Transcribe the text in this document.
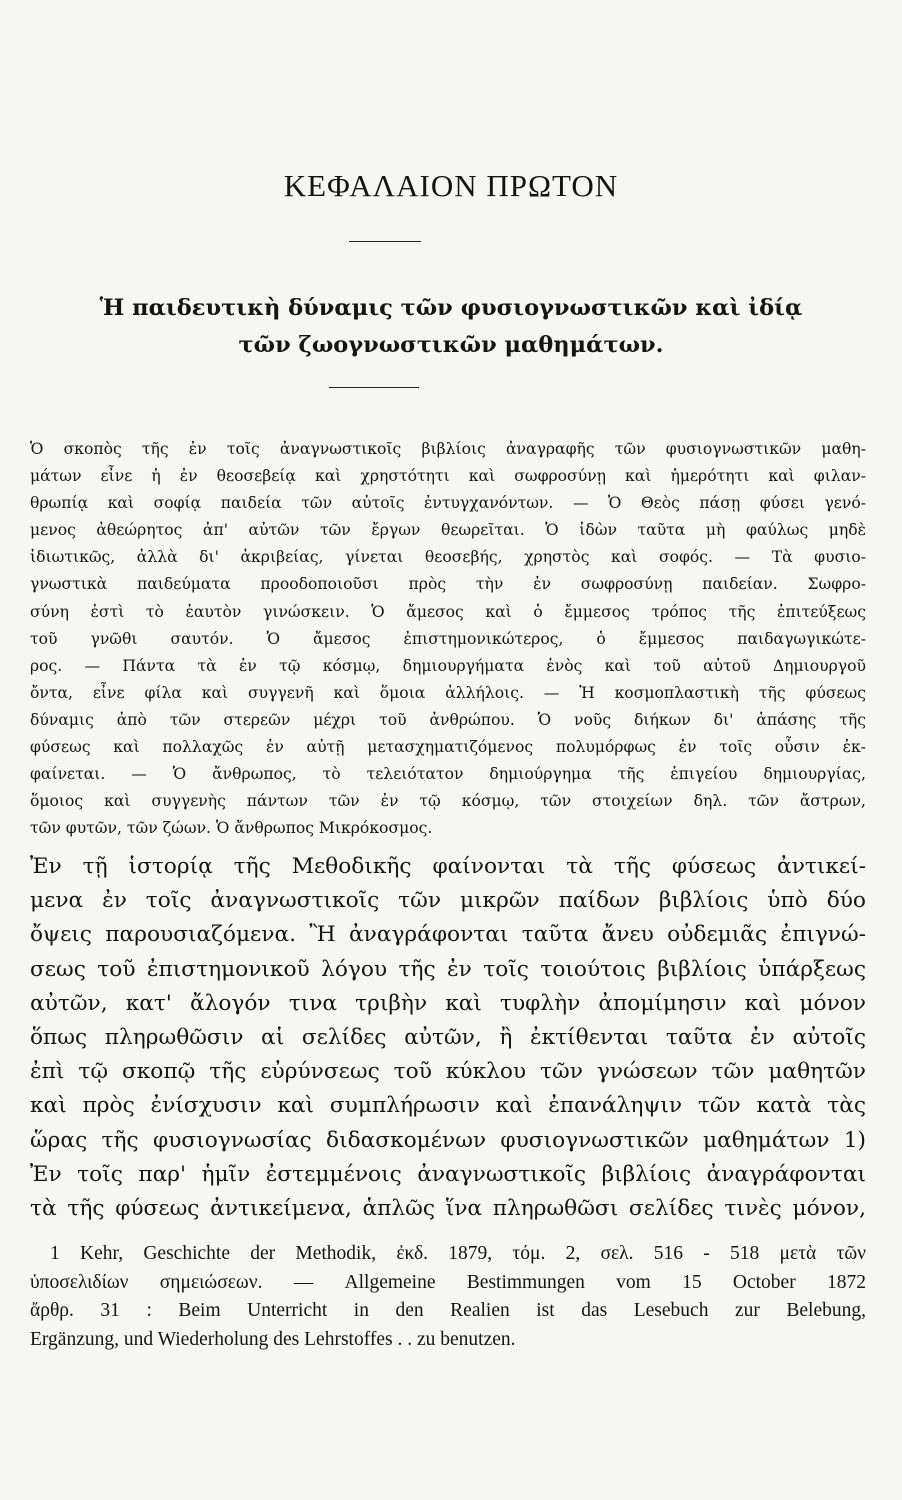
ΚΕΦΑΛΑΙΟΝ ΠΡΩΤΟΝ
Ἡ παιδευτικὴ δύναμις τῶν φυσιογνωστικῶν καὶ ἰδίᾳ
τῶν ζωογνωστικῶν μαθημάτων.
Ὁ σκοπὸς τῆς ἐν τοῖς ἀναγνωστικοῖς βιβλίοις ἀναγραφῆς τῶν φυσιογνωστικῶν μαθη-
μάτων εἶνε ἡ ἐν θεοσεβείᾳ καὶ χρηστότητι καὶ σωφροσύνῃ καὶ ἡμερότητι καὶ φιλαν-
θρωπίᾳ καὶ σοφίᾳ παιδεία τῶν αὐτοῖς ἐντυγχανόντων. — Ὁ Θεὸς πάσῃ φύσει γενό-
μενος ἀθεώρητος ἀπ' αὐτῶν τῶν ἔργων θεωρεῖται. Ὁ ἰδὼν ταῦτα μὴ φαύλως μηδὲ
ἰδιωτικῶς, ἀλλὰ δι' ἀκριβείας, γίνεται θεοσεβής, χρηστὸς καὶ σοφός. — Τὰ φυσιο-
γνωστικὰ παιδεύματα προοδοποιοῦσι πρὸς τὴν ἐν σωφροσύνῃ παιδείαν. Σωφρο-
σύνη ἐστὶ τὸ ἑαυτὸν γινώσκειν. Ὁ ἄμεσος καὶ ὁ ἔμμεσος τρόπος τῆς ἐπιτεύξεως
τοῦ γνῶθι σαυτόν. Ὁ ἄμεσος ἐπιστημονικώτερος, ὁ ἔμμεσος παιδαγωγικώτε-
ρος. — Πάντα τὰ ἐν τῷ κόσμῳ, δημιουργήματα ἑνὸς καὶ τοῦ αὐτοῦ Δημιουργοῦ
ὄντα, εἶνε φίλα καὶ συγγενῆ καὶ ὅμοια ἀλλήλοις. — Ἡ κοσμοπλαστικὴ τῆς φύσεως
δύναμις ἀπὸ τῶν στερεῶν μέχρι τοῦ ἀνθρώπου. Ὁ νοῦς διήκων δι' ἁπάσης τῆς
φύσεως καὶ πολλαχῶς ἐν αὐτῇ μετασχηματιζόμενος πολυμόρφως ἐν τοῖς οὖσιν ἐκ-
φαίνεται. — Ὁ ἄνθρωπος, τὸ τελειότατον δημιούργημα τῆς ἐπιγείου δημιουργίας,
ὅμοιος καὶ συγγενὴς πάντων τῶν ἐν τῷ κόσμῳ, τῶν στοιχείων δηλ. τῶν ἄστρων,
τῶν φυτῶν, τῶν ζώων. Ὁ ἄνθρωπος Μικρόκοσμος.
Ἐν τῇ ἱστορίᾳ τῆς Μεθοδικῆς φαίνονται τὰ τῆς φύσεως ἀντικεί-
μενα ἐν τοῖς ἀναγνωστικοῖς τῶν μικρῶν παίδων βιβλίοις ὑπὸ δύο
ὄψεις παρουσιαζόμενα. Ἢ ἀναγράφονται ταῦτα ἄνευ οὐδεμιᾶς ἐπιγνώ-
σεως τοῦ ἐπιστημονικοῦ λόγου τῆς ἐν τοῖς τοιούτοις βιβλίοις ὑπάρξεως
αὐτῶν, κατ' ἄλογόν τινα τριβὴν καὶ τυφλὴν ἀπομίμησιν καὶ μόνον
ὅπως πληρωθῶσιν αἱ σελίδες αὐτῶν, ἢ ἐκτίθενται ταῦτα ἐν αὐτοῖς
ἐπὶ τῷ σκοπῷ τῆς εὐρύνσεως τοῦ κύκλου τῶν γνώσεων τῶν μαθητῶν
καὶ πρὸς ἐνίσχυσιν καὶ συμπλήρωσιν καὶ ἐπανάληψιν τῶν κατὰ τὰς
ὥρας τῆς φυσιογνωσίας διδασκομένων φυσιογνωστικῶν μαθημάτων 1)
Ἐν τοῖς παρ' ἡμῖν ἐστεμμένοις ἀναγνωστικοῖς βιβλίοις ἀναγράφονται
τὰ τῆς φύσεως ἀντικείμενα, ἁπλῶς ἵνα πληρωθῶσι σελίδες τινὲς μόνον,
1 Kehr, Geschichte der Methodik, ἐκδ. 1879, τόμ. 2, σελ. 516 - 518 μετὰ τῶν
ὑποσελιδίων σημειώσεων. — Allgemeine Bestimmungen vom 15 October 1872
ἄρθρ. 31 : Beim Unterricht in den Realien ist das Lesebuch zur Belebung,
Ergänzung, und Wiederholung des Lehrstoffes . . zu benutzen.
